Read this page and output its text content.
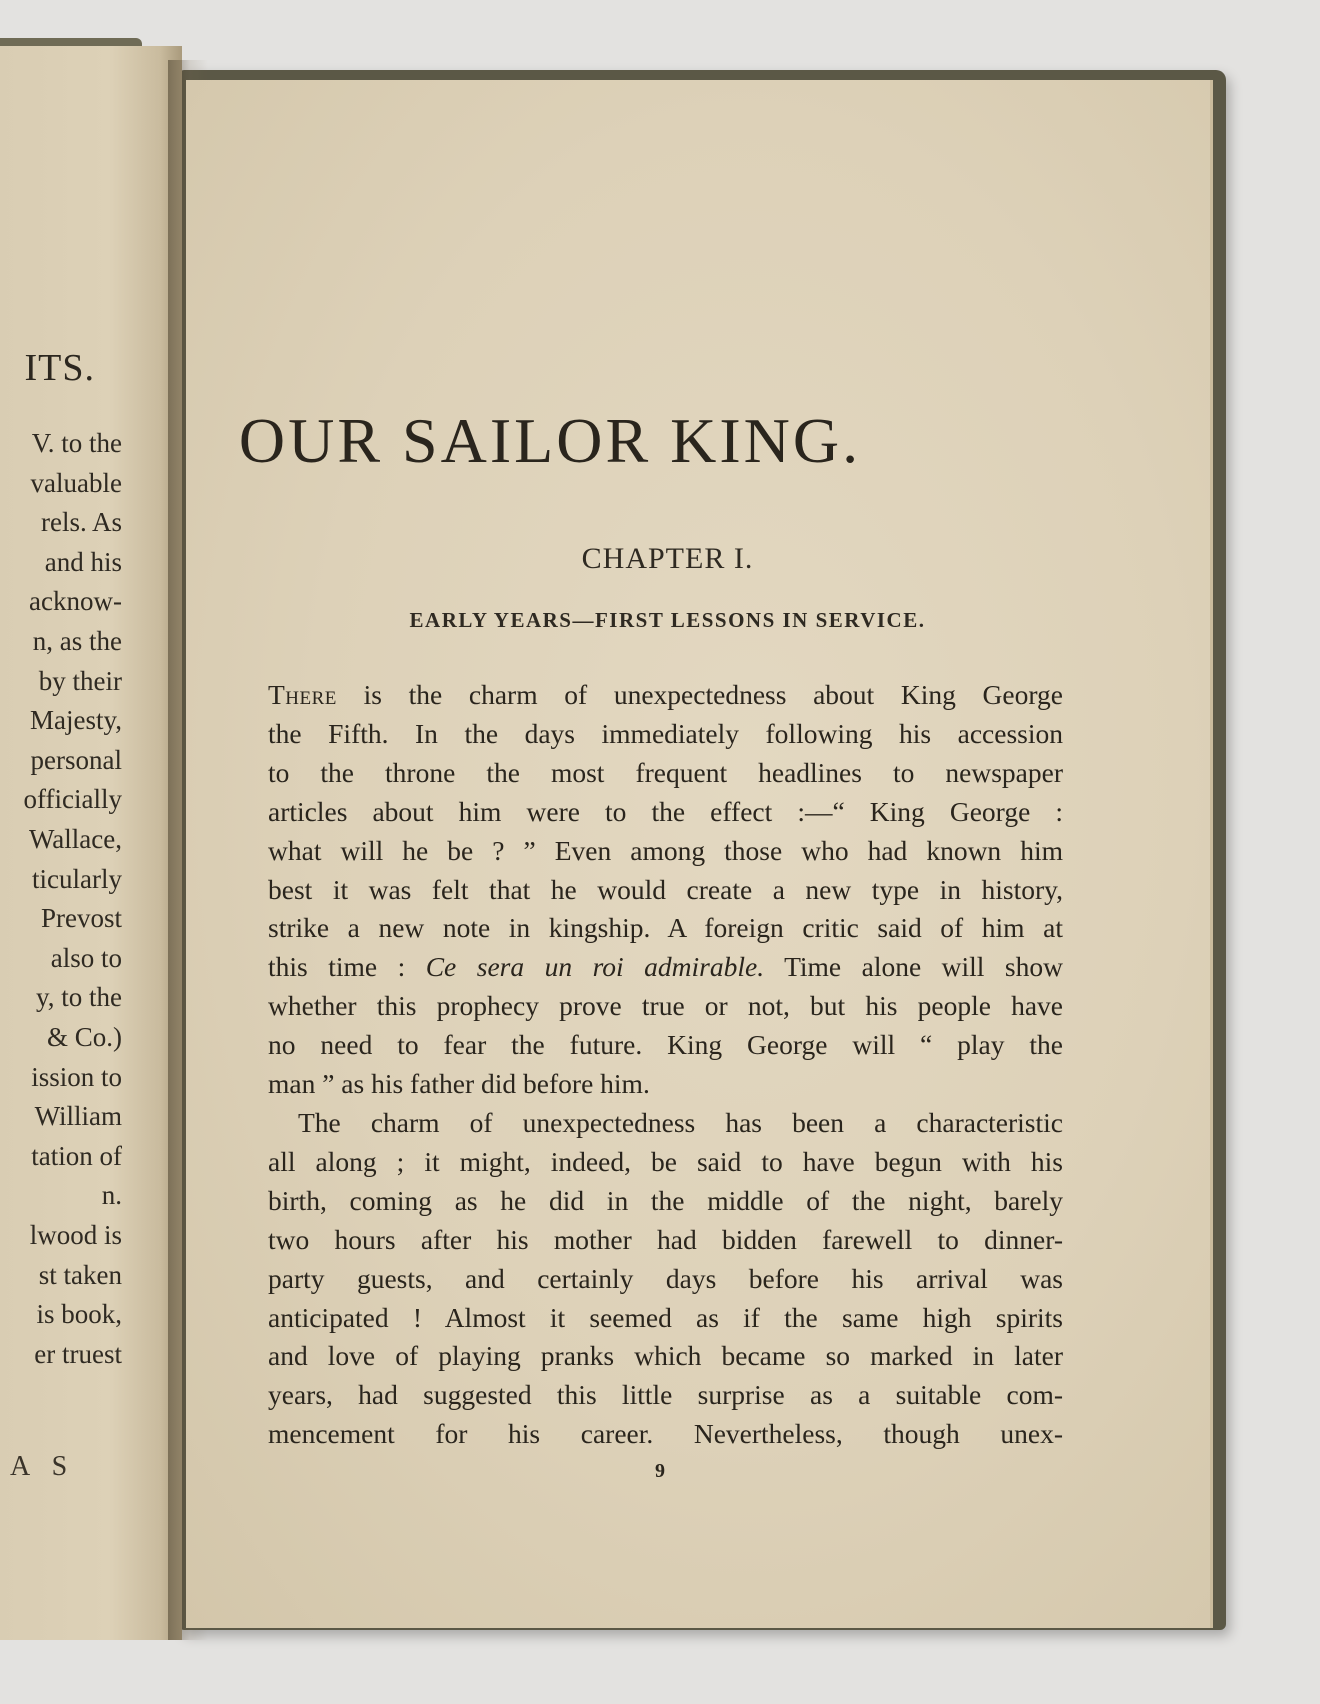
ITS.
V. to the
valuable
rels. As
and his
acknow-
n, as the
by their
Majesty,
personal
officially
Wallace,
ticularly
Prevost
also to
y, to the
& Co.)
ission to
William
tation of
n.
lwood is
st taken
is book,
er truest
A S
OUR SAILOR KING.
CHAPTER I.
EARLY YEARS—FIRST LESSONS IN SERVICE.
There is the charm of unexpectedness about King George
the Fifth. In the days immediately following his accession
to the throne the most frequent headlines to newspaper
articles about him were to the effect :—“ King George :
what will he be ? ” Even among those who had known him
best it was felt that he would create a new type in history,
strike a new note in kingship. A foreign critic said of him at
this time : Ce sera un roi admirable. Time alone will show
whether this prophecy prove true or not, but his people have
no need to fear the future. King George will “ play the
man ” as his father did before him.
The charm of unexpectedness has been a characteristic
all along ; it might, indeed, be said to have begun with his
birth, coming as he did in the middle of the night, barely
two hours after his mother had bidden farewell to dinner-
party guests, and certainly days before his arrival was
anticipated ! Almost it seemed as if the same high spirits
and love of playing pranks which became so marked in later
years, had suggested this little surprise as a suitable com-
mencement for his career. Nevertheless, though unex-
9
